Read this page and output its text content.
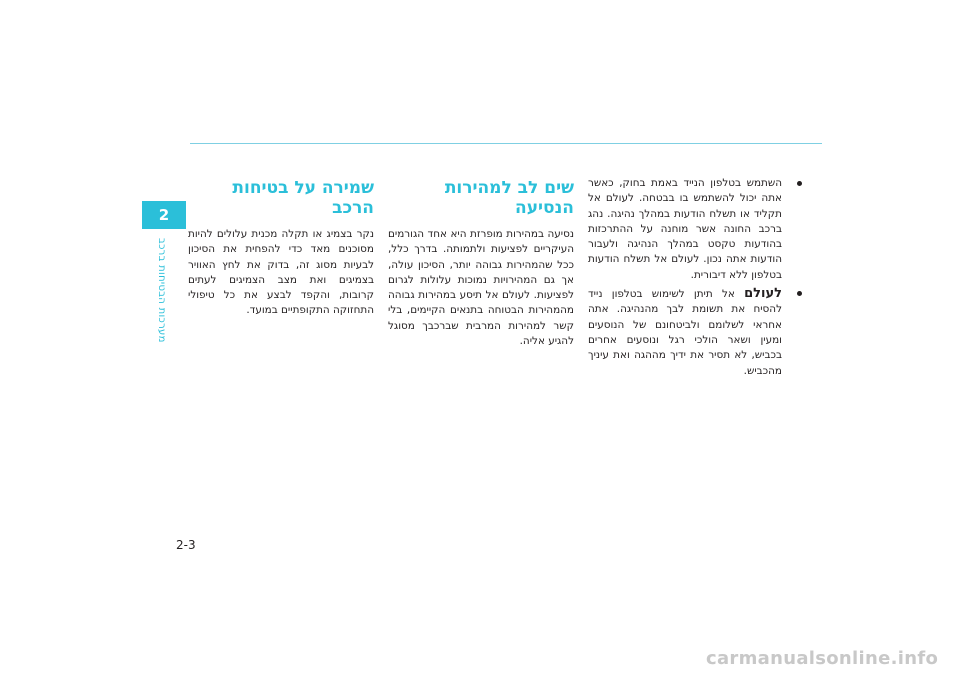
2
מערכות הבטיחות ברכב

השתמש בטלפון הנייד באמת בחוק, כאשר אתה יכול להשתמש בו בבטחה. לעולם אל תקליד או תשלח הודעות במהלך נהיגה. נהג ברכב החונה אשר מוחנה על ההתרכזות בהודעות טקסט במהלך הנהיגה ולעבור הודעות אתה נכון. לעולם אל תשלח הודעות בטלפון ללא דיבורית.

לעולם אל תיתן לשימוש בטלפון נייד להסיח את תשומת לבך מהנהיגה. אתה אחראי לשלומם ולביטחונם של הנוסעים ומעין ושאר הולכי רגל ונוסעים אחרים בכביש, לא תסיר את ידיך מההגה ואת עיניך מהכביש.

שים לב למהירות הנסיעה

נסיעה במהירות מופרזת היא אחד הגורמים העיקריים לפציעות ולתמותה. בדרך כלל, ככל שהמהירות גבוהה יותר, הסיכון עולה, אך גם המהירויות נמוכות עלולות לגרום לפציעות. לעולם אל תיסע במהירות גבוהה מהמהירות הבטוחה בתנאים הקיימים, בלי קשר למהירות המרבית שברכבך מסוגל להגיע אליה.

שמירה על בטיחות הרכב

נקר בצמיג או תקלה מכנית עלולים להיות מסוכנים מאד כדי להפחית את הסיכון לבעיות מסוג זה, בדוק את לחץ האוויר בצמיגים ואת מצב הצמיגים לעתים קרובות, והקפד לבצע את כל טיפולי התחזוקה התקופתיים במועד.

2-3
carmanualsonline.info
